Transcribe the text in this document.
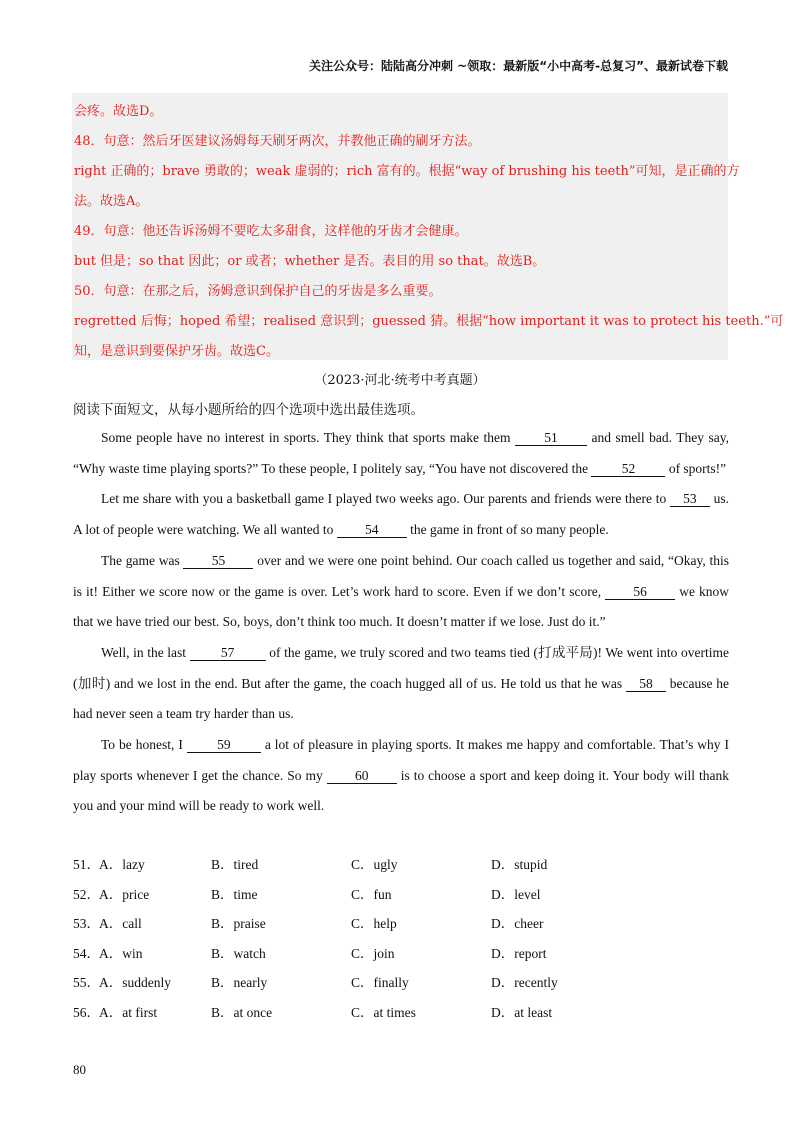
关注公众号：陆陆高分冲刺 ~领取：最新版“小中高考-总复习”、最新试卷下载
会疼。故选D。
48．句意：然后牙医建议汤姆每天刷牙两次，并教他正确的刷牙方法。
right 正确的；brave 勇敢的；weak 虚弱的；rich 富有的。根据“way of brushing his teeth”可知，是正确的方
法。故选A。
49．句意：他还告诉汤姆不要吃太多甜食，这样他的牙齿才会健康。
but 但是；so that 因此；or 或者；whether 是否。表目的用 so that。故选B。
50．句意：在那之后，汤姆意识到保护自己的牙齿是多么重要。
regretted 后悔；hoped 希望；realised 意识到；guessed 猜。根据“how important it was to protect his teeth.”可
知，是意识到要保护牙齿。故选C。
（2023·河北·统考中考真题）
阅读下面短文，从每小题所给的四个选项中选出最佳选项。

Some people have no interest in sports. They think that sports make them	51	and smell bad. They say, “Why waste time playing sports?” To these people, I politely say, “You have not discovered the 52 of sports!”

Let me share with you a basketball game I played two weeks ago. Our parents and friends were there to 53 us. A lot of people were watching. We all wanted to 54 the game in front of so many people.

The game was 55 over and we were one point behind. Our coach called us together and said, “Okay, this is it! Either we score now or the game is over. Let’s work hard to score. Even if we don’t score, 56 we know that we have tried our best. So, boys, don’t think too much. It doesn’t matter if we lose. Just do it.”

Well, in the last	57	of the game, we truly scored and two teams tied (打成平局)! We went into overtime (加时) and we lost in the end. But after the game, the coach hugged all of us. He told us that he was 58 because he had never seen a team try harder than us.

To be honest, I	59	a lot of pleasure in playing sports. It makes me happy and comfortable. That’s why I play sports whenever I get the chance. So my 60 is to choose a sport and keep doing it. Your body will thank you and your mind will be ready to work well.

51． A．lazy	B．tired	C．ugly	D．stupid
52． A．price	B．time	C．fun	D．level
53． A．call	B．praise	C．help	D．cheer
54． A．win	B．watch	C．join	D．report
55． A．suddenly	B．nearly	C．finally	D．recently
56． A．at first	B．at once	C．at times	D．at least
80
